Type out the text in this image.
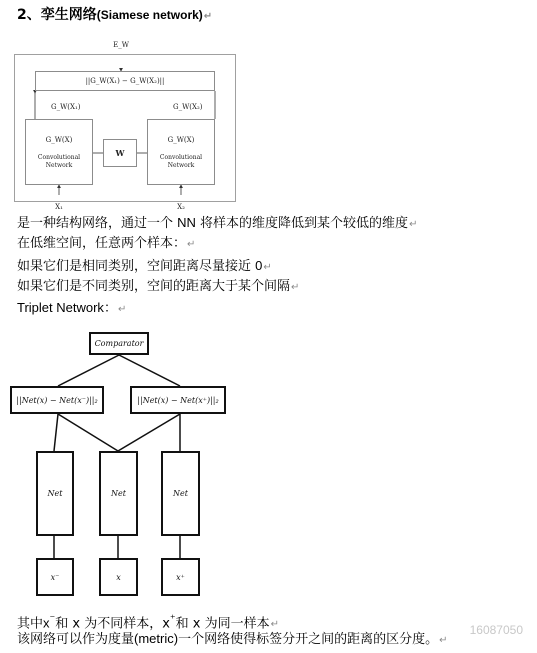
2、孪生网络(Siamese network)↵
E_W
||G_W(X₁) − G_W(X₂)||
G_W(X₁)	G_W(X₂)
G_W(X)
Convolutional
Network
W
G_W(X)
Convolutional
Network
X₁	X₂
是一种结构网络，通过一个 NN 将样本的维度降低到某个较低的维度↵
在低维空间，任意两个样本：↵
如果它们是相同类别，空间距离尽量接近 0↵
如果它们是不同类别，空间的距离大于某个间隔↵
Triplet Network：↵
Comparator
||Net(x) − Net(x⁻)||₂	||Net(x) − Net(x⁺)||₂
Net	Net	Net
x⁻	x	x⁺
其中x⁻和 x 为不同样本，x⁺和 x 为同一样本↵
该网络可以作为度量(metric)一个网络使得标签分开之间的距离的区分度。↵
16087050
